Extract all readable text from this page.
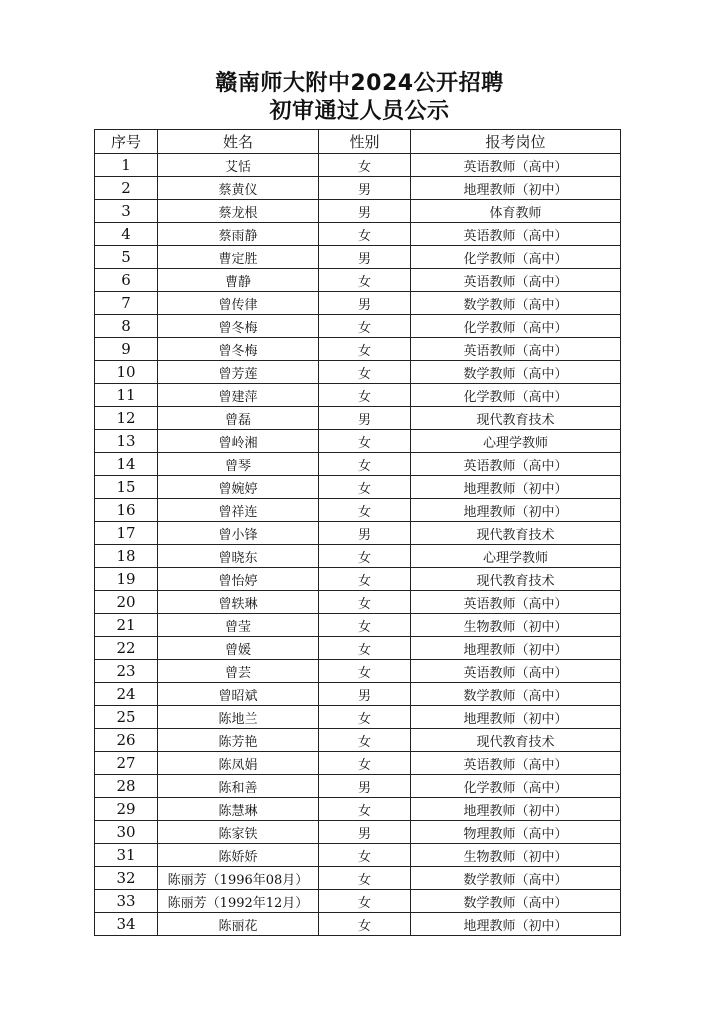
赣南师大附中2024公开招聘
初审通过人员公示
序号	姓名	性别	报考岗位
1	艾恬	女	英语教师（高中）
2	蔡黄仪	男	地理教师（初中）
3	蔡龙根	男	体育教师
4	蔡雨静	女	英语教师（高中）
5	曹定胜	男	化学教师（高中）
6	曹静	女	英语教师（高中）
7	曾传律	男	数学教师（高中）
8	曾冬梅	女	化学教师（高中）
9	曾冬梅	女	英语教师（高中）
10	曾芳莲	女	数学教师（高中）
11	曾建萍	女	化学教师（高中）
12	曾磊	男	现代教育技术
13	曾岭湘	女	心理学教师
14	曾琴	女	英语教师（高中）
15	曾婉婷	女	地理教师（初中）
16	曾祥连	女	地理教师（初中）
17	曾小锋	男	现代教育技术
18	曾晓东	女	心理学教师
19	曾怡婷	女	现代教育技术
20	曾轶琳	女	英语教师（高中）
21	曾莹	女	生物教师（初中）
22	曾媛	女	地理教师（初中）
23	曾芸	女	英语教师（高中）
24	曾昭斌	男	数学教师（高中）
25	陈地兰	女	地理教师（初中）
26	陈芳艳	女	现代教育技术
27	陈凤娟	女	英语教师（高中）
28	陈和善	男	化学教师（高中）
29	陈慧琳	女	地理教师（初中）
30	陈家铁	男	物理教师（高中）
31	陈娇娇	女	生物教师（初中）
32	陈丽芳（1996年08月）	女	数学教师（高中）
33	陈丽芳（1992年12月）	女	数学教师（高中）
34	陈丽花	女	地理教师（初中）
